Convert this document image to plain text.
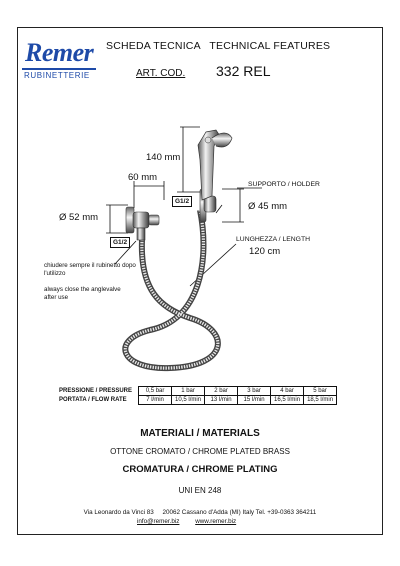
Remer
RUBINETTERIE
SCHEDA TECNICA   TECHNICAL FEATURES
ART. COD. 332 REL
140 mm
60 mm
Ø 52 mm
Ø 45 mm
G1/2
G1/2
SUPPORTO / HOLDER
LUNGHEZZA / LENGTH
120 cm
chiudere sempre il rubinetto dopo l'utilizzo
always close the anglevalve after use
PRESSIONE / PRESSURE	0,5 bar	1 bar	2 bar	3 bar	4 bar	5 bar
PORTATA / FLOW RATE	7 l/min	10,5 l/min	13 l/min	15 l/min	16,5 l/min	18,5 l/min
MATERIALI / MATERIALS
OTTONE CROMATO / CHROME PLATED BRASS
CROMATURA / CHROME PLATING
UNI EN 248
Via Leonardo da Vinci 83     20062 Cassano d'Adda (MI) Italy Tel. +39-0363 364211
info@remer.biz	www.remer.biz
